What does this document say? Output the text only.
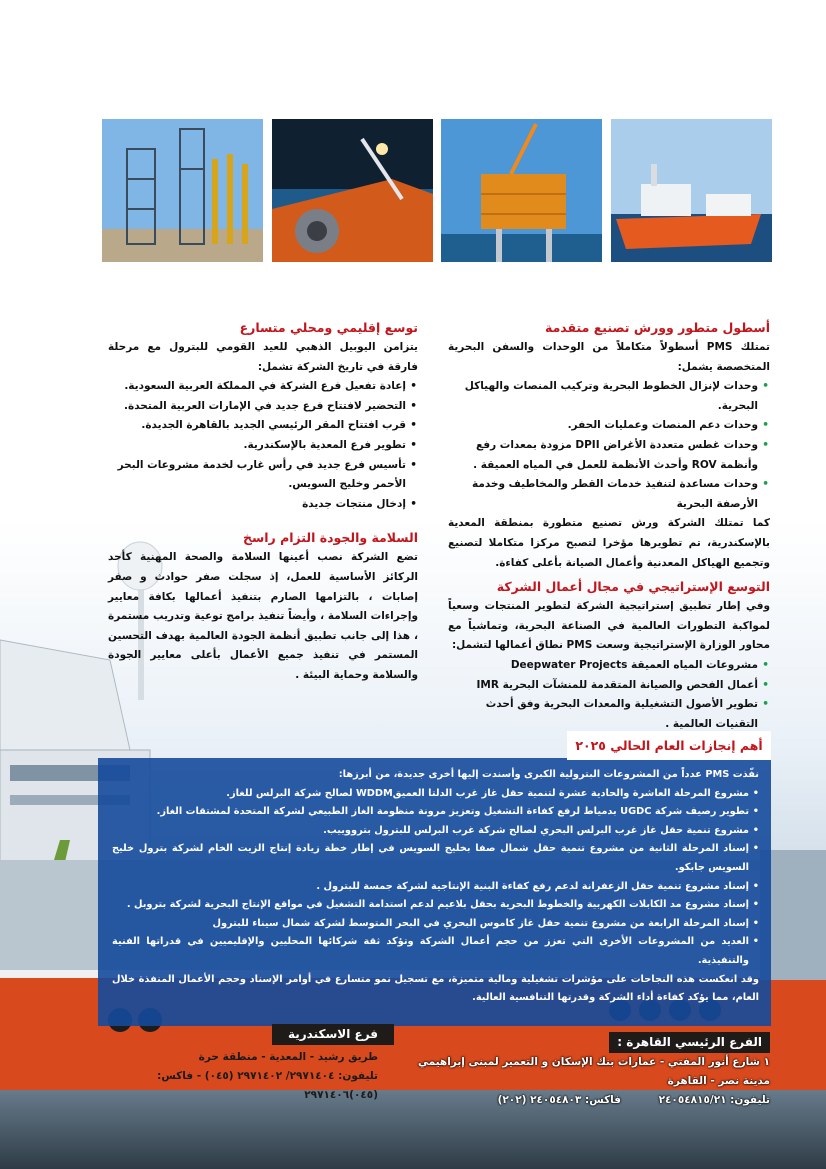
أسطول متطور وورش تصنيع متقدمة

تمتلك PMS أسطولاً متكاملاً من الوحدات والسفن البحرية المتخصصة يشمل:

• وحدات لإنزال الخطوط البحرية وتركيب المنصات والهياكل البحرية.
• وحدات دعم المنصات وعمليات الحفر.
• وحدات غطس متعددة الأغراض DPII مزودة بمعدات رفع وأنظمة ROV وأحدث الأنظمة للعمل في المياه العميقة .
• وحدات مساعدة لتنفيذ خدمات القطر والمخاطيف وخدمة الأرصفة البحرية

كما تمتلك الشركة ورش تصنيع متطورة بمنطقة المعدية بالإسكندرية، تم تطويرها مؤخرا لتصبح مركزا متكاملا لتصنيع وتجميع الهياكل المعدنية وأعمال الصيانة بأعلى كفاءة.

التوسع الإستراتيجي في مجال أعمال الشركة

وفي إطار تطبيق إستراتيجية الشركة لتطوير المنتجات وسعياً لمواكبة التطورات العالمية في الصناعة البحرية، وتماشياً مع محاور الوزارة الإستراتيجية وسعت PMS نطاق أعمالها لتشمل:

• مشروعات المياه العميقة Deepwater Projects
• أعمال الفحص والصيانة المتقدمة للمنشآت البحرية IMR
• تطوير الأصول التشغيلية والمعدات البحرية وفق أحدث التقنيات العالمية .
توسع إقليمي ومحلي متسارع

يتزامن اليوبيل الذهبي للعيد القومي للبترول مع مرحلة فارقة في تاريخ الشركة تشمل:

• إعادة تفعيل فرع الشركة في المملكة العربية السعودية.
• التحضير لافتتاح فرع جديد في الإمارات العربية المتحدة.
• قرب افتتاح المقر الرئيسي الجديد بالقاهرة الجديدة.
• تطوير فرع المعدية بالإسكندرية.
• تأسيس فرع جديد في رأس غارب لخدمة مشروعات البحر الأحمر وخليج السويس.
• إدخال منتجات جديدة
السلامة والجودة التزام راسخ

تضع الشركة نصب أعينها السلامة والصحة المهنية كأحد الركائز الأساسية للعمل، إذ سجلت صفر حوادث و صفر إصابات ، بالتزامها الصارم بتنفيذ أعمالها بكافة معايير وإجراءات السلامة ، وأيضاً تنفيذ برامج توعية وتدريب مستمرة ، هذا إلى جانب تطبيق أنظمة الجودة العالمية بهدف التحسين المستمر في تنفيذ جميع الأعمال بأعلى معايير الجودة والسلامة وحماية البيئة .

نفّذت PMS عدداً من المشروعات البترولية الكبرى وأسندت إليها أخرى جديدة، من أبرزها:

• مشروع المرحلة العاشرة والحادية عشرة لتنمية حقل غاز غرب الدلتا العميقWDDM لصالح شركة البرلس للغاز.
• تطوير رصيف شركة UGDC بدمياط لرفع كفاءة التشغيل وتعزيز مرونة منظومة الغاز الطبيعي لشركة المتحدة لمشتقات الغاز.
• مشروع تنمية حقل غاز غرب البرلس البحري لصالح شركة غرب البرلس للبترول بترووييب.
• إسناد المرحلة الثانية من مشروع تنمية حقل شمال صفا بخليج السويس في إطار خطة زيادة إنتاج الزيت الخام لشركة بترول خليج السويس جابكو.
• إسناد مشروع تنمية حقل الزعفرانة لدعم رفع كفاءة البنية الإنتاجية لشركة جمسة للبترول .
• إسناد مشروع مد الكابلات الكهربية والخطوط البحرية بحقل بلاعيم لدعم استدامة التشغيل في مواقع الإنتاج البحرية لشركة بتروبل .
• إسناد المرحلة الرابعة من مشروع تنمية حقل غاز كاموس البحري في البحر المتوسط لشركة شمال سيناء للبترول
• العديد من المشروعات الأخرى التي تعزز من حجم أعمال الشركة وتؤكد ثقة شركائها المحليين والإقليميين في قدراتها الفنية والتنفيذية.

وقد انعكست هذه النجاحات على مؤشرات تشغيلية ومالية متميزة، مع تسجيل نمو متسارع في أوامر الإسناد وحجم الأعمال المنفذة خلال العام، مما يؤكد كفاءة أداء الشركة وقدرتها التنافسية العالية.

أهم إنجازات العام الحالي ٢٠٢٥
الفرع الرئيسي القاهرة :
١ شارع أنور المفتي - عمارات بنك الإسكان و التعمير لمبنى إبراهيمي
مدينة نصر - القاهرة
تليفون: ٢٤٠٥٤٨١٥/٢١
فاكس: ٢٤٠٥٤٨٠٣ (٢٠٢)
فرع الاسكندرية
طريق رشيد - المعدية - منطقة حرة
تليفون: ٢٩٧١٤٠٤/ ٢٩٧١٤٠٢ (٠٤٥) - فاكس:
(٠٤٥)٢٩٧١٤٠٦
